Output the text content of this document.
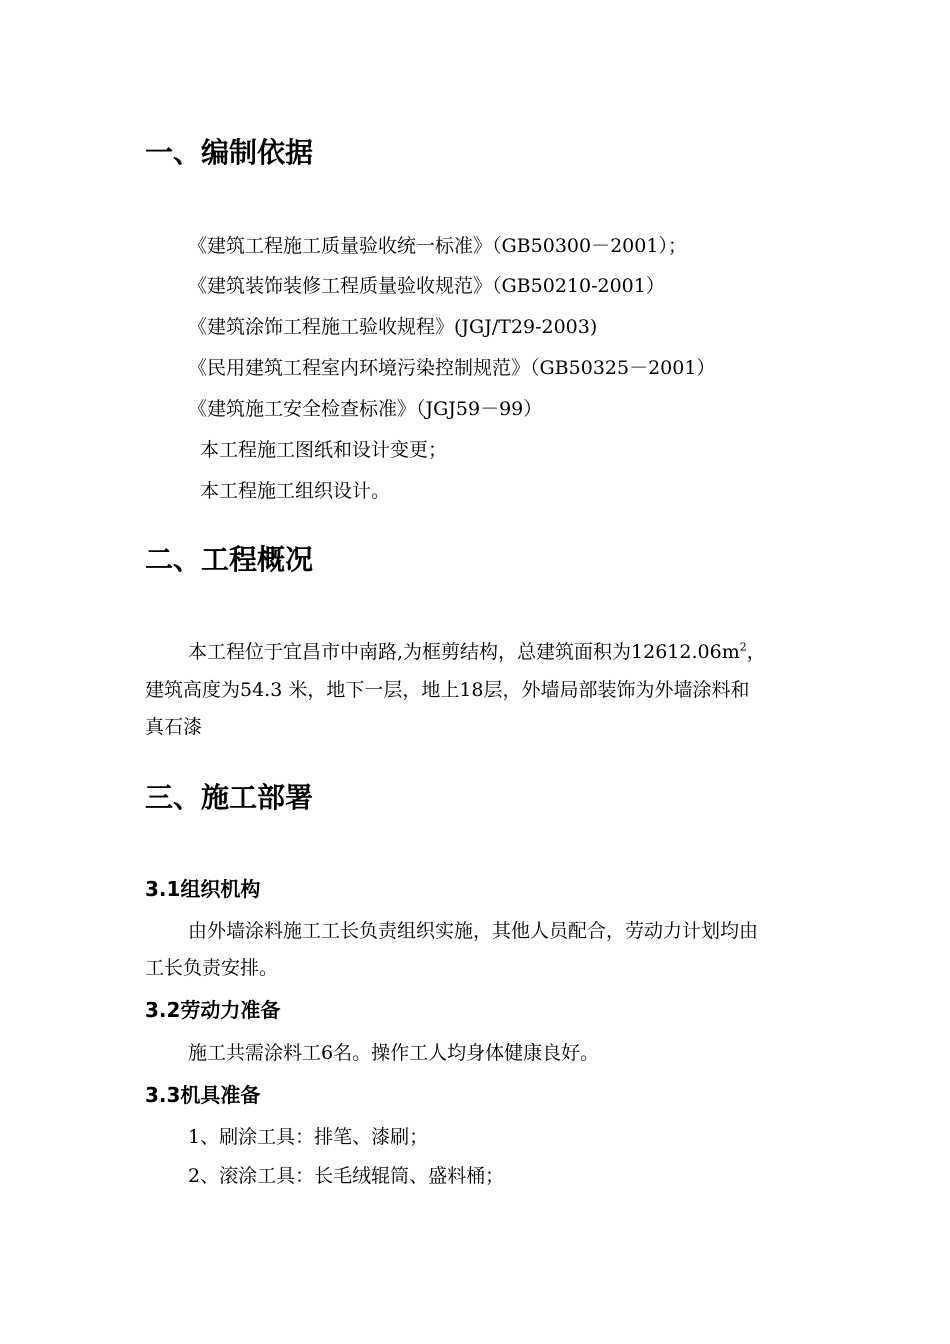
一、编制依据
《建筑工程施工质量验收统一标准》（GB50300－2001）；
《建筑装饰装修工程质量验收规范》（GB50210-2001）
《建筑涂饰工程施工验收规程》(JGJ/T29-2003)
《民用建筑工程室内环境污染控制规范》（GB50325－2001）
《建筑施工安全检查标准》（JGJ59－99）
本工程施工图纸和设计变更；
本工程施工组织设计。
二、工程概况
本工程位于宜昌市中南路,为框剪结构，总建筑面积为$12612.06m^2$，
建筑高度为54.3 米，地下一层，地上18层，外墙局部装饰为外墙涂料和
真石漆
三、施工部署
3.1组织机构
由外墙涂料施工工长负责组织实施，其他人员配合，劳动力计划均由
工长负责安排。
3.2劳动力准备
施工共需涂料工6名。操作工人均身体健康良好。
3.3机具准备
1、刷涂工具：排笔、漆刷；
2、滚涂工具：长毛绒辊筒、盛料桶；
